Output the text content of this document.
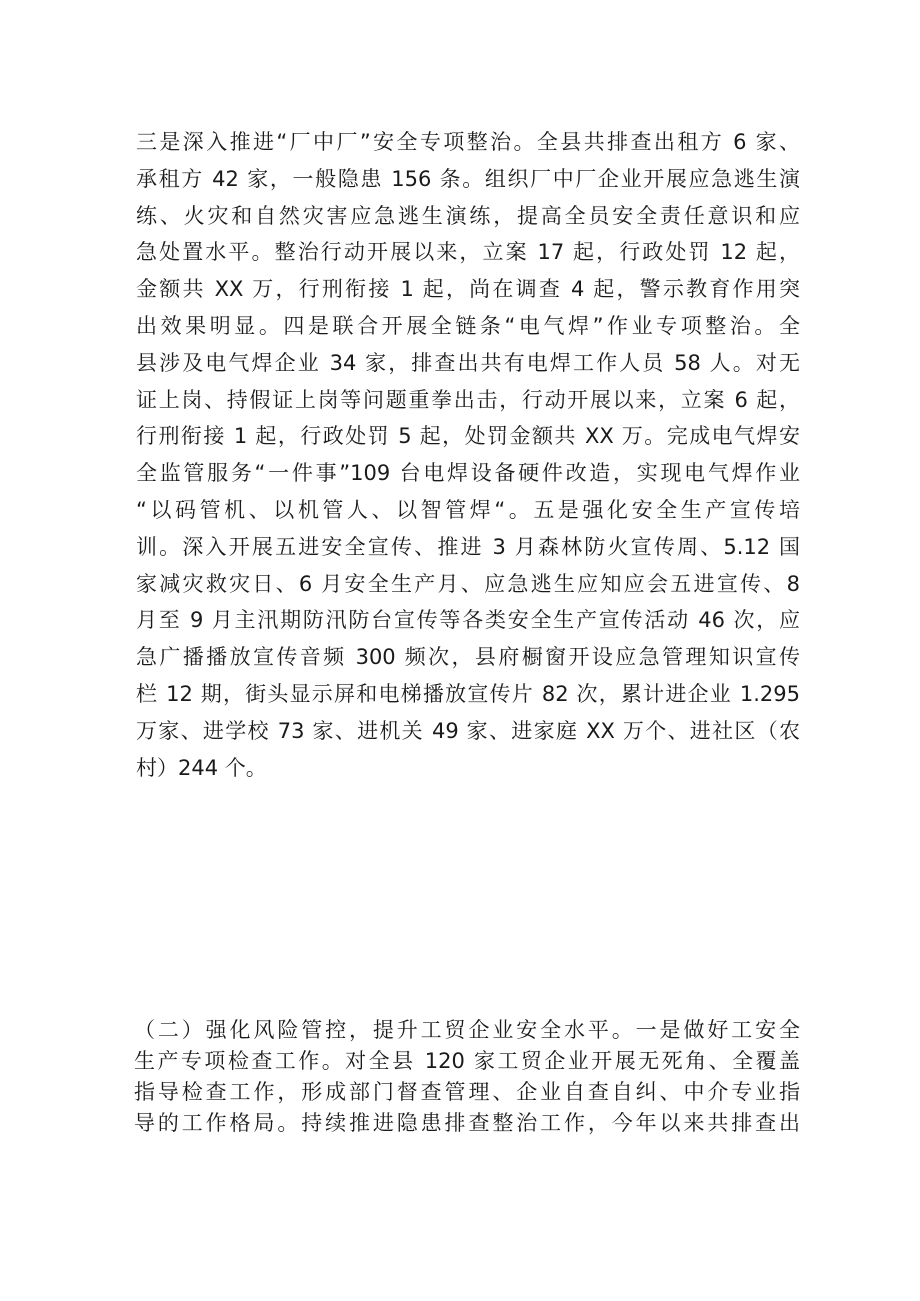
三是深入推进“厂中厂”安全专项整治。全县共排查出租方 6 家、
承租方 42 家，一般隐患 156 条。组织厂中厂企业开展应急逃生演
练、火灾和自然灾害应急逃生演练，提高全员安全责任意识和应
急处置水平。整治行动开展以来，立案 17 起，行政处罚 12 起，
金额共 XX 万，行刑衔接 1 起，尚在调查 4 起，警示教育作用突
出效果明显。四是联合开展全链条“电气焊”作业专项整治。全
县涉及电气焊企业 34 家，排查出共有电焊工作人员 58 人。对无
证上岗、持假证上岗等问题重拳出击，行动开展以来，立案 6 起，
行刑衔接 1 起，行政处罚 5 起，处罚金额共 XX 万。完成电气焊安
全监管服务“一件事”109 台电焊设备硬件改造，实现电气焊作业
“以码管机、以机管人、以智管焊“。五是强化安全生产宣传培
训。深入开展五进安全宣传、推进 3 月森林防火宣传周、5.12 国
家减灾救灾日、6 月安全生产月、应急逃生应知应会五进宣传、8
月至 9 月主汛期防汛防台宣传等各类安全生产宣传活动 46 次，应
急广播播放宣传音频 300 频次，县府橱窗开设应急管理知识宣传
栏 12 期，街头显示屏和电梯播放宣传片 82 次，累计进企业 1.295
万家、进学校 73 家、进机关 49 家、进家庭 XX 万个、进社区（农
村）244 个。
（二）强化风险管控，提升工贸企业安全水平。一是做好工安全
生产专项检查工作。对全县 120 家工贸企业开展无死角、全覆盖
指导检查工作，形成部门督查管理、企业自查自纠、中介专业指
导的工作格局。持续推进隐患排查整治工作，今年以来共排查出
